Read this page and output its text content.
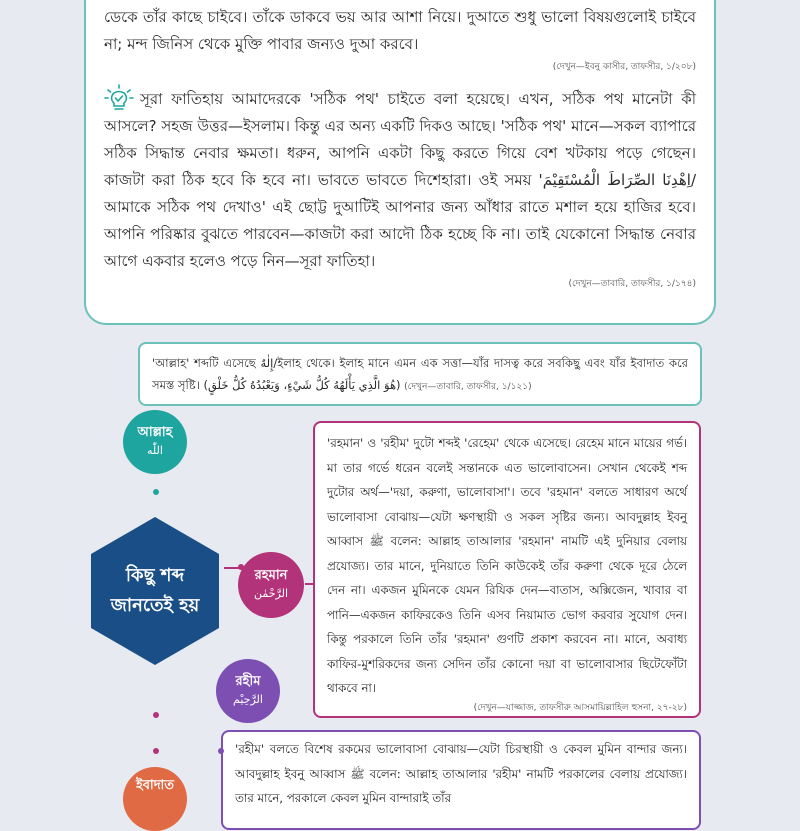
ডেকে তাঁর কাছে চাইবে। তাঁকে ডাকবে ভয় আর আশা নিয়ে। দুআতে শুধু ভালো বিষয়গুলোই চাইবে না; মন্দ জিনিস থেকে মুক্তি পাবার জন্যও দুআ করবে।

(দেখুন—ইবনু কাসীর, তাফসীর, ১/২০৮)

সূরা ফাতিহায় আমাদেরকে 'সঠিক পথ' চাইতে বলা হয়েছে। এখন, সঠিক পথ মানেটা কী আসলে? সহজ উত্তর—ইসলাম। কিন্তু এর অন্য একটি দিকও আছে। 'সঠিক পথ' মানে—সকল ব্যাপারে সঠিক সিদ্ধান্ত নেবার ক্ষমতা। ধরুন, আপনি একটা কিছু করতে গিয়ে বেশ খটকায় পড়ে গেছেন। কাজটা করা ঠিক হবে কি হবে না। ভাবতে ভাবতে দিশেহারা। ওই সময় 'اِهْدِنَا الصِّرَاطَ الْمُسْتَقِيْمَ/আমাকে সঠিক পথ দেখাও' এই ছোট্ট দুআটিই আপনার জন্য আঁধার রাতে মশাল হয়ে হাজির হবে। আপনি পরিষ্কার বুঝতে পারবেন—কাজটা করা আদৌ ঠিক হচ্ছে কি না। তাই যেকোনো সিদ্ধান্ত নেবার আগে একবার হলেও পড়ে নিন—সূরা ফাতিহা।

(দেখুন—তাবারি, তাফসীর, ১/১৭৪)
'আল্লাহ' শব্দটি এসেছে إِلٰهٌ/ইলাহ থেকে। ইলাহ মানে এমন এক সত্তা—যাঁর দাসত্ব করে সবকিছু এবং যাঁর ইবাদাত করে সমস্ত সৃষ্টি। (هُوَ الَّذِي يَأْلَهُهُ كُلُّ شَيْءٍ، وَيَعْبُدُهُ كُلُّ خَلْقٍ) (দেখুন—তাবারি, তাফসীর, ১/১২১)

'রহমান' ও 'রহীম' দুটো শব্দই 'রেহেম' থেকে এসেছে। রেহেম মানে মায়ের গর্ভ। মা তার গর্ভে ধরেন বলেই সন্তানকে এত ভালোবাসেন। সেখান থেকেই শব্দ দুটোর অর্থ—'দয়া, করুণা, ভালোবাসা'। তবে 'রহমান' বলতে সাধারণ অর্থে ভালোবাসা বোঝায়—যেটা ক্ষণস্থায়ী ও সকল সৃষ্টির জন্য। আবদুল্লাহ ইবনু আব্বাস ﷺ বলেন: আল্লাহ তাআলার 'রহমান' নামটি এই দুনিয়ার বেলায় প্রযোজ্য। তার মানে, দুনিয়াতে তিনি কাউকেই তাঁর করুণা থেকে দূরে ঠেলে দেন না। একজন মুমিনকে যেমন রিযিক দেন—বাতাস, অক্সিজেন, খাবার বা পানি—একজন কাফিরকেও তিনি এসব নিয়ামাত ভোগ করবার সুযোগ দেন। কিন্তু পরকালে তিনি তাঁর 'রহমান' গুণটি প্রকাশ করবেন না। মানে, অবাধ্য কাফির-মুশরিকদের জন্য সেদিন তাঁর কোনো দয়া বা ভালোবাসার ছিটেফোঁটা থাকবে না।

(দেখুন—যাজ্জাজ, তাফসীরু আসমায়িল্লাহিল হুসনা, ২৭-২৮)

'রহীম' বলতে বিশেষ রকমের ভালোবাসা বোঝায়—যেটা চিরস্থায়ী ও কেবল মুমিন বান্দার জন্য। আবদুল্লাহ ইবনু আব্বাস ﷺ বলেন: আল্লাহ তাআলার 'রহীম' নামটি পরকালের বেলায় প্রযোজ্য। তার মানে, পরকালে কেবল মুমিন বান্দারাই তাঁর

আল্লাহ
اللّٰه
রহমান
الرَّحْمٰن
রহীম
الرَّحِيْم
ইবাদাত
কিছু শব্দ
জানতেই হয়
